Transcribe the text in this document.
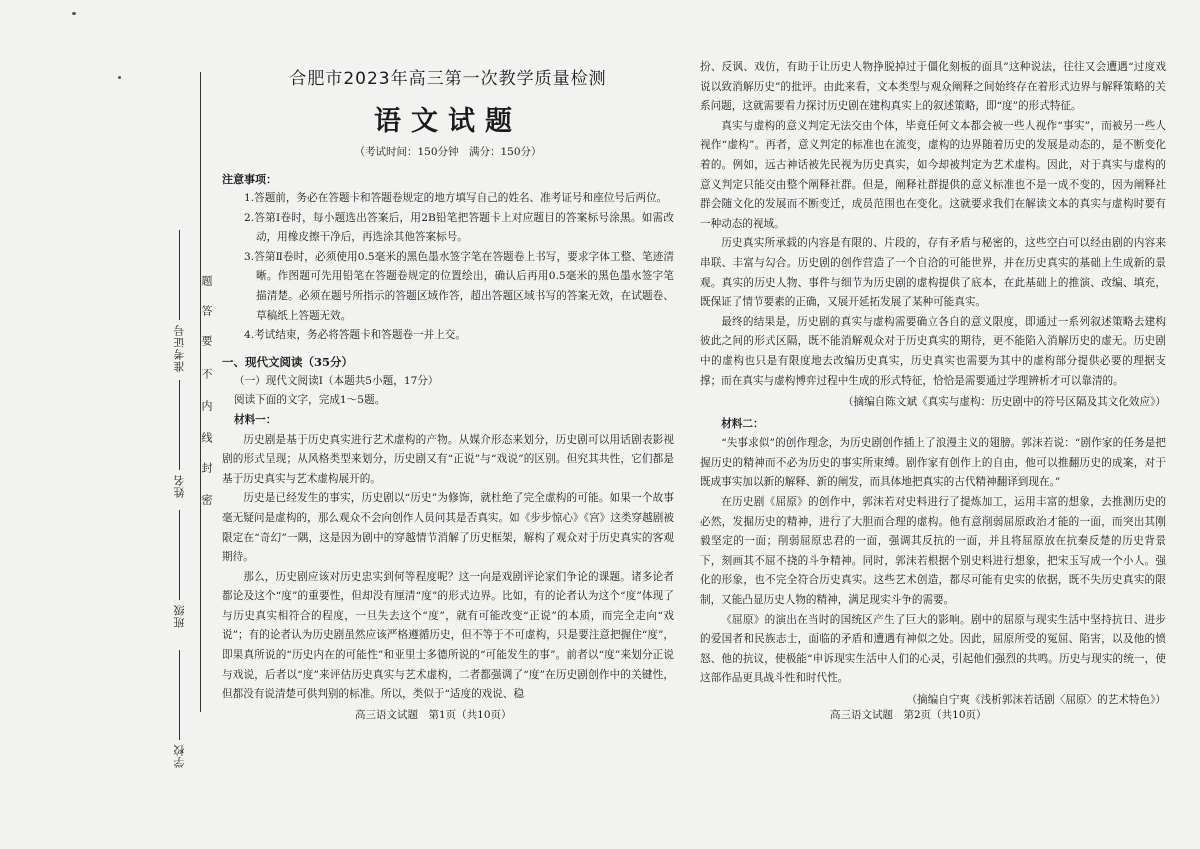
准考证号
姓名
班级
学校
题
答
要
不
内
线
封
密
合肥市2023年高三第一次教学质量检测
语文试题
（考试时间：150分钟　满分：150分）
注意事项：

1.答题前，务必在答题卡和答题卷规定的地方填写自己的姓名、准考证号和座位号后两位。

2.答第Ⅰ卷时，每小题选出答案后，用2B铅笔把答题卡上对应题目的答案标号涂黑。如需改动，用橡皮擦干净后，再选涂其他答案标号。

3.答第Ⅱ卷时，必须使用0.5毫米的黑色墨水签字笔在答题卷上书写，要求字体工整、笔迹清晰。作图题可先用铅笔在答题卷规定的位置绘出，确认后再用0.5毫米的黑色墨水签字笔描清楚。必须在题号所指示的答题区域作答，超出答题区域书写的答案无效，在试题卷、草稿纸上答题无效。

4.考试结束，务必将答题卡和答题卷一并上交。

一、现代文阅读（35分）

（一）现代文阅读Ⅰ（本题共5小题，17分）

阅读下面的文字，完成1～5题。

材料一：

历史剧是基于历史真实进行艺术虚构的产物。从媒介形态来划分，历史剧可以用话剧表影视剧的形式呈现；从风格类型来划分，历史剧又有“正说”与“戏说”的区别。但究其共性，它们都是基于历史真实与艺术虚构展开的。

历史是已经发生的事实，历史剧以“历史”为修饰，就杜绝了完全虚构的可能。如果一个故事毫无疑问是虚构的，那么观众不会向创作人员问其是否真实。如《步步惊心》《宫》这类穿越剧被限定在“奇幻”一隅，这是因为剧中的穿越情节消解了历史框架，解构了观众对于历史真实的客观期待。

那么，历史剧应该对历史忠实到何等程度呢？这一向是戏剧评论家们争论的课题。诸多论者都论及这个“度”的重要性，但却没有厘清“度”的形式边界。比如，有的论者认为这个“度”体现了与历史真实相符合的程度，一旦失去这个“度”，就有可能改变“正说”的本质，而完全走向“戏说”；有的论者认为历史剧虽然应该严格遵循历史，但不等于不可虚构，只是要注意把握住“度”，即果真所说的“历史内在的可能性”和亚里士多德所说的“可能发生的事”。前者以“度”来划分正说与戏说，后者以“度”来评估历史真实与艺术虚构，二者都强调了“度”在历史剧创作中的关键性，但都没有说清楚可供判别的标准。所以，类似于“适度的戏说、稳

扮、反讽、戏仿，有助于让历史人物挣脱掉过于僵化刻板的面具”这种说法，往往又会遭遇“过度戏说以致消解历史”的批评。由此来看，文本类型与观众阐释之间始终存在着形式边界与解释策略的关系问题，这就需要看力探讨历史剧在建构真实上的叙述策略，即“度”的形式特征。

真实与虚构的意义判定无法交由个体，毕竟任何文本都会被一些人视作“事实”，而被另一些人视作“虚构”。再者，意义判定的标准也在流变，虚构的边界随着历史的发展是动态的，是不断变化着的。例如，远古神话被先民视为历史真实，如今却被判定为艺术虚构。因此，对于真实与虚构的意义判定只能交由整个阐释社群。但是，阐释社群提供的意义标准也不是一成不变的，因为阐释社群会随文化的发展而不断变迁，成员范围也在变化。这就要求我们在解读文本的真实与虚构时要有一种动态的视域。

历史真实所承载的内容是有限的、片段的，存有矛盾与秘密的，这些空白可以经由剧的内容来串联、丰富与勾合。历史剧的创作营造了一个自洽的可能世界，并在历史真实的基础上生成新的景观。真实的历史人物、事件与细节为历史剧的虚构提供了底本，在此基础上的推演、改编、填充，既保证了情节要素的正确，又展开延拓发展了某种可能真实。

最终的结果是，历史剧的真实与虚构需要确立各自的意义限度，即通过一系列叙述策略去建构彼此之间的形式区隔，既不能消解观众对于历史真实的期待，更不能陷入消解历史的虚无。历史剧中的虚构也只是有限度地去改编历史真实，历史真实也需要为其中的虚构部分提供必要的理据支撑；而在真实与虚构博弈过程中生成的形式特征，恰恰是需要通过学理辨析才可以靠清的。

（摘编自陈文斌《真实与虚构：历史剧中的符号区隔及其文化效应》）

材料二：

“失事求似”的创作理念，为历史剧创作插上了浪漫主义的翅膀。郭沫若说：“剧作家的任务是把握历史的精神而不必为历史的事实所束缚。剧作家有创作上的自由，他可以推翻历史的成案，对于既成事实加以新的解释、新的阐发，而具体地把真实的古代精神翻译到现在。”

在历史剧《屈原》的创作中，郭沫若对史料进行了提炼加工，运用丰富的想象，去推测历史的必然，发掘历史的精神，进行了大胆而合理的虚构。他有意削弱屈原政治才能的一面，而突出其刚毅坚定的一面；削弱屈原忠君的一面，强调其反抗的一面，并且将屈原放在抗秦反楚的历史背景下，刻画其不屈不挠的斗争精神。同时，郭沫若根据个别史料进行想象，把宋玉写成一个小人。强化的形象，也不完全符合历史真实。这些艺术创造，都尽可能有史实的依据，既不失历史真实的限制，又能凸显历史人物的精神，满足现实斗争的需要。

《屈原》的演出在当时的国统区产生了巨大的影响。剧中的屈原与现实生活中坚持抗日、进步的爱国者和民族志士，面临的矛盾和遭遇有神似之处。因此，屈原所受的冤屈、陷害，以及他的愤怒、他的抗议，使极能“申诉现实生活中人们的心灵，引起他们强烈的共鸣。历史与现实的统一，使这部作品更具战斗性和时代性。

（摘编自宁爽《浅析郭沫若话剧〈屈原〉的艺术特色》）
高三语文试题　第1页（共10页）	高三语文试题　第2页（共10页）
